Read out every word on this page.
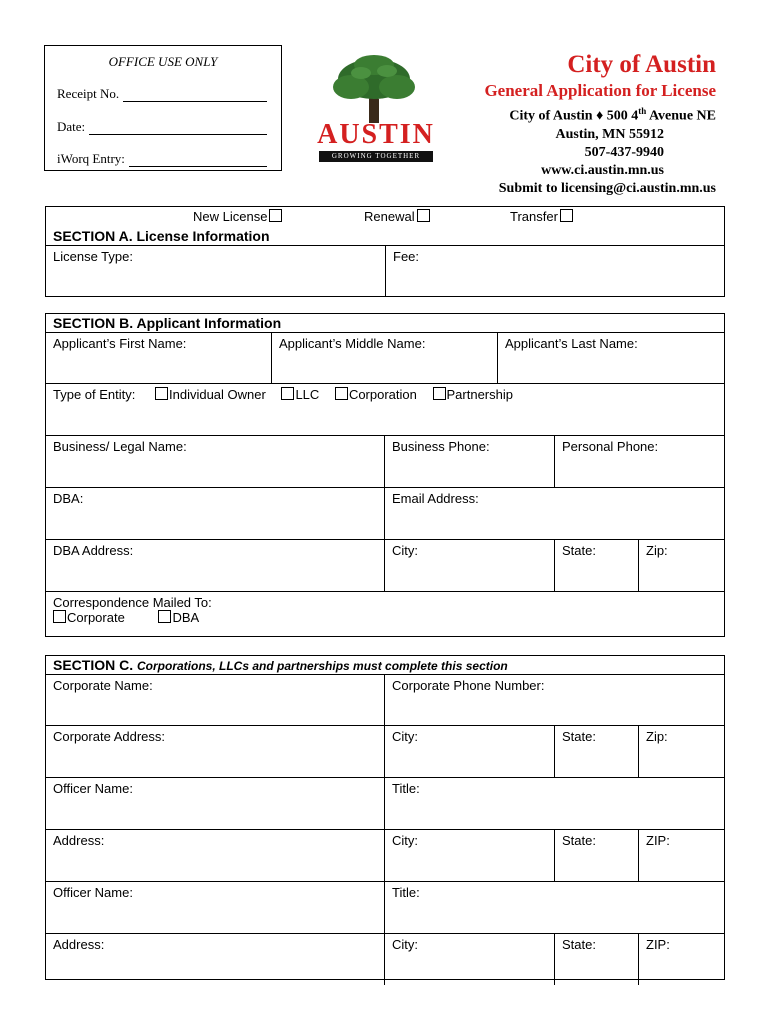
OFFICE USE ONLY
Receipt No.
Date:
iWorq Entry:
AUSTIN
GROWING TOGETHER
City of Austin
General Application for License
City of Austin ♦ 500 4th Avenue NE
Austin, MN 55912
507-437-9940
www.ci.austin.mn.us
Submit to licensing@ci.austin.mn.us
New License	Renewal	Transfer
SECTION A. License Information
License Type:	Fee:
SECTION B. Applicant Information
Applicant’s First Name:	Applicant’s Middle Name:	Applicant’s Last Name:
Type of Entity:	Individual Owner LLC Corporation Partnership
Business/ Legal Name:	Business Phone:	Personal Phone:
DBA:	Email Address:
DBA Address:	City:	State:	Zip:
Correspondence Mailed To:
Corporate	DBA
SECTION C. Corporations, LLCs and partnerships must complete this section
Corporate Name:	Corporate Phone Number:
Corporate Address:	City:	State:	Zip:
Officer Name:	Title:
Address:	City:	State:	ZIP:
Officer Name:	Title:
Address:	City:	State:	ZIP:
